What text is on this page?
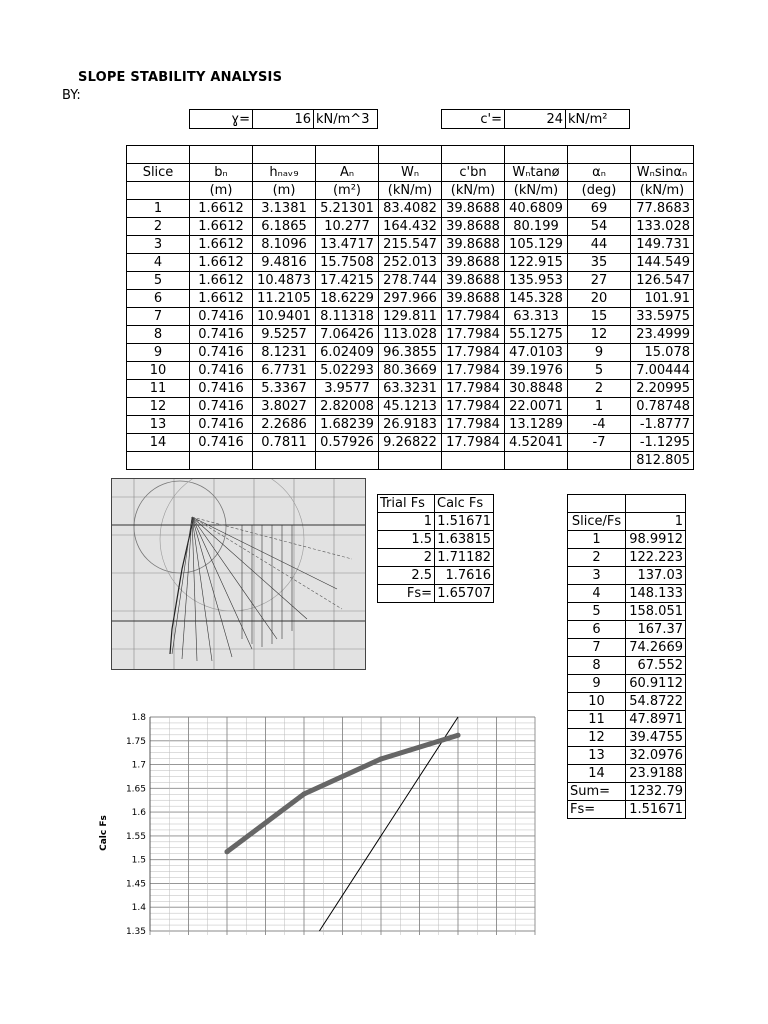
SLOPE STABILITY ANALYSIS
BY:
ɣ=	16	kN/m^3	c'=	24	kN/m²

Slice	bₙ	hₙₐᵥ₉	Aₙ	Wₙ	c'bn	Wₙtanø	αₙ	Wₙsinαₙ
	(m)	(m)	(m²)	(kN/m)	(kN/m)	(kN/m)	(deg)	(kN/m)
1	1.6612	3.1381	5.21301	83.4082	39.8688	40.6809	69	77.8683
2	1.6612	6.1865	10.277	164.432	39.8688	80.199	54	133.028
3	1.6612	8.1096	13.4717	215.547	39.8688	105.129	44	149.731
4	1.6612	9.4816	15.7508	252.013	39.8688	122.915	35	144.549
5	1.6612	10.4873	17.4215	278.744	39.8688	135.953	27	126.547
6	1.6612	11.2105	18.6229	297.966	39.8688	145.328	20	101.91
7	0.7416	10.9401	8.11318	129.811	17.7984	63.313	15	33.5975
8	0.7416	9.5257	7.06426	113.028	17.7984	55.1275	12	23.4999
9	0.7416	8.1231	6.02409	96.3855	17.7984	47.0103	9	15.078
10	0.7416	6.7731	5.02293	80.3669	17.7984	39.1976	5	7.00444
11	0.7416	5.3367	3.9577	63.3231	17.7984	30.8848	2	2.20995
12	0.7416	3.8027	2.82008	45.1213	17.7984	22.0071	1	0.78748
13	0.7416	2.2686	1.68239	26.9183	17.7984	13.1289	-4	-1.8777
14	0.7416	0.7811	0.57926	9.26822	17.7984	4.52041	-7	-1.1295
								812.805
Trial Fs	Calc Fs
1	1.51671
1.5	1.63815
2	1.71182
2.5	1.7616
Fs=	1.65707

Slice/Fs	1
1	98.9912
2	122.223
3	137.03
4	148.133
5	158.051
6	167.37
7	74.2669
8	67.552
9	60.9112
10	54.8722
11	47.8971
12	39.4755
13	32.0976
14	23.9188
Sum=	1232.79
Fs=	1.51671
1.8
1.75
1.7
1.65
1.6
1.55
1.5
1.45
1.4
1.35
Calc Fs
